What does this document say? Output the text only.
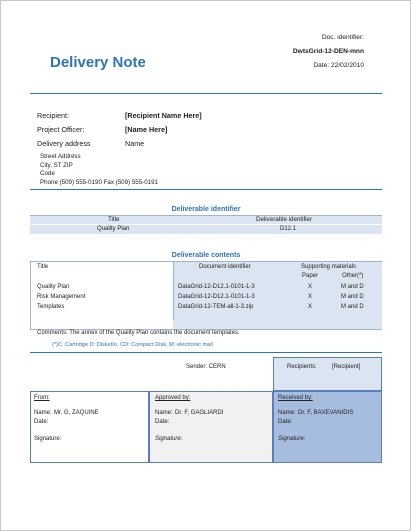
Delivery Note
Doc. identifier:
DwtsGrid-12-DEN-mnn
Date: 22/02/2010
Recipient:	[Recipient Name Here]
Project Officer:	[Name Here]
Delivery address	Name
Street Address
City, ST ZIP
Code
Phone (509) 555-0190 Fax (509) 555-0191
Deliverable identifier
Title	Deliverable identifier
Quality Plan	D12.1
Deliverable contents
Title	Document identifier	Supporting materials
Paper	Other(*)
Quality Plan	DataGrid-12-D12.1-0101-1-3	X	M and D
Risk Management	DataGrid-12-D12.1-0101-1-3	X	M and D
Templates	DataGrid-12-TEM-all-1-3.zip	X	M and D
Comments: The annex of the Quality Plan contains the document templates.
(*)C: Cartridge D: DisketIo, CD: Compact Disk, M: electronic mail
Sender: CERN	Recipients:	[Recipient]
From:
Name: Mr. G, ZAQUINE
Date:
Signature:
Approved by:
Name: Dr. F, GAGLIARDI
Date:
Signature:
Received by:
Name: Dr. F, BAXEVANIDIS
Date:
Signature:
